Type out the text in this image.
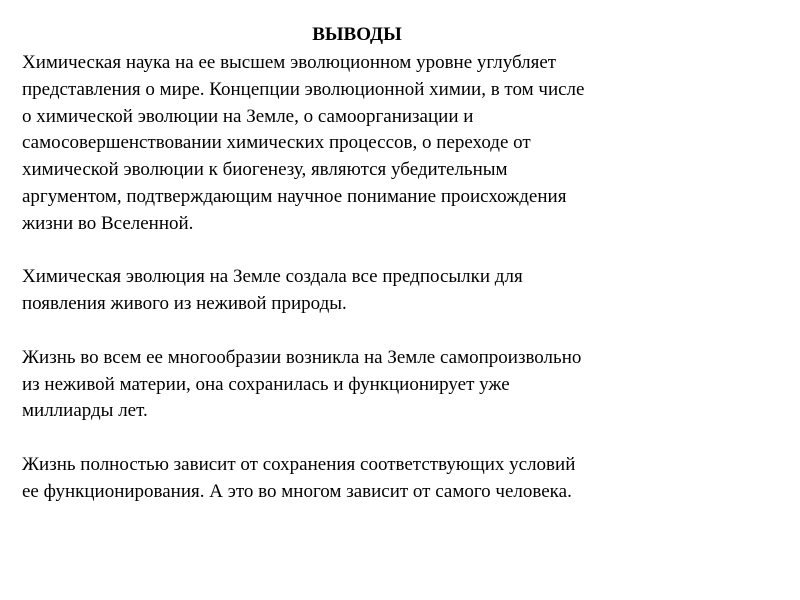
ВЫВОДЫ

Химическая наука на ее высшем эволюционном уровне углубляет
представления о мире. Концепции эволюционной химии, в том числе
о химической эволюции на Земле, о самоорганизации и
самосовершенствовании химических процессов, о переходе от
химической эволюции к биогенезу, являются убедительным
аргументом, подтверждающим научное понимание происхождения
жизни во Вселенной.

Химическая эволюция на Земле создала все предпосылки для
появления живого из неживой природы.

Жизнь во всем ее многообразии возникла на Земле самопроизвольно
из неживой материи, она сохранилась и функционирует уже
миллиарды лет.

Жизнь полностью зависит от сохранения соответствующих условий
ее функционирования. А это во многом зависит от самого человека.
